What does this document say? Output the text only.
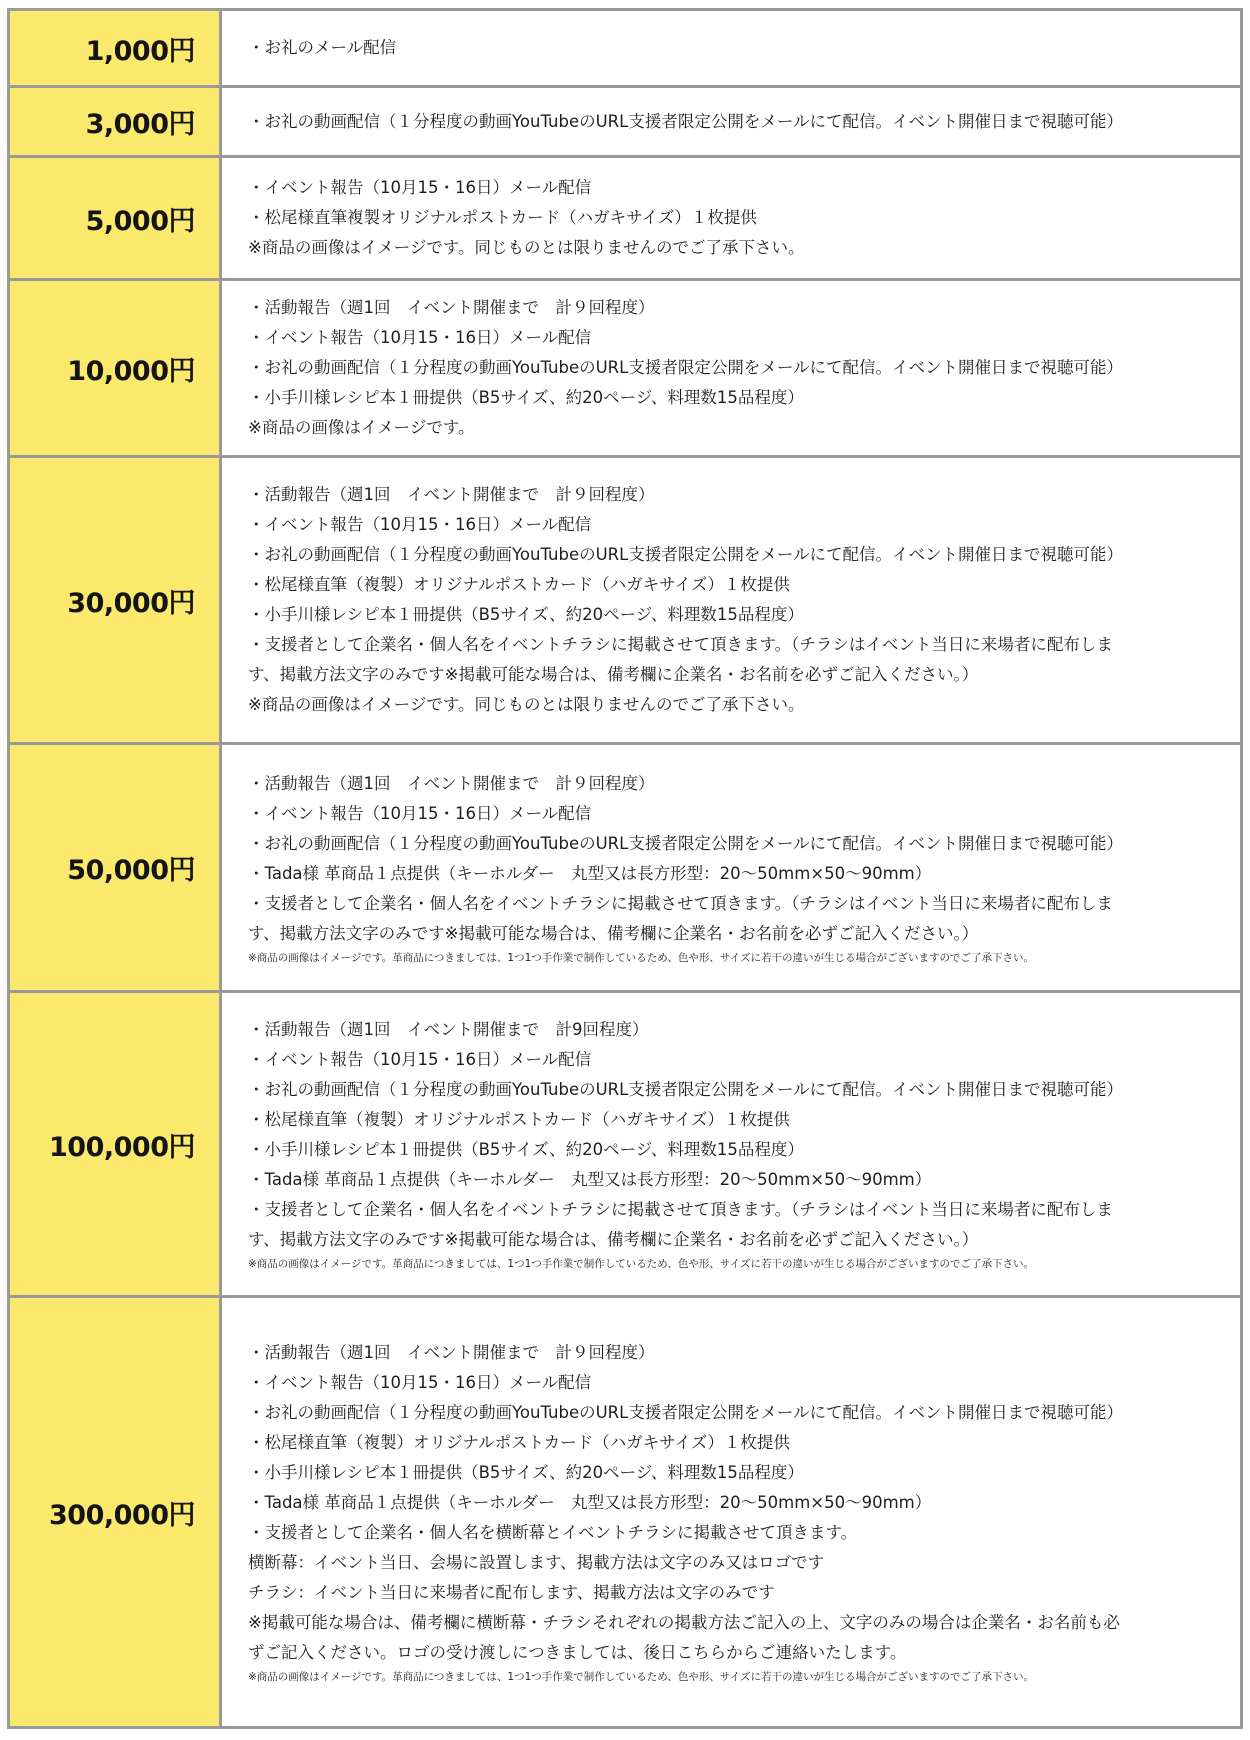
1,000円	・お礼のメール配信
3,000円	・お礼の動画配信（１分程度の動画YouTubeのURL支援者限定公開をメールにて配信。イベント開催日まで視聴可能）
5,000円
・イベント報告（10月15・16日）メール配信
・松尾様直筆複製オリジナルポストカード（ハガキサイズ）１枚提供
※商品の画像はイメージです。同じものとは限りませんのでご了承下さい。
10,000円
・活動報告（週1回　イベント開催まで　計９回程度）
・イベント報告（10月15・16日）メール配信
・お礼の動画配信（１分程度の動画YouTubeのURL支援者限定公開をメールにて配信。イベント開催日まで視聴可能）
・小手川様レシピ本１冊提供（B5サイズ、約20ページ、料理数15品程度）
※商品の画像はイメージです。
30,000円
・活動報告（週1回　イベント開催まで　計９回程度）
・イベント報告（10月15・16日）メール配信
・お礼の動画配信（１分程度の動画YouTubeのURL支援者限定公開をメールにて配信。イベント開催日まで視聴可能）
・松尾様直筆（複製）オリジナルポストカード（ハガキサイズ）１枚提供
・小手川様レシピ本１冊提供（B5サイズ、約20ページ、料理数15品程度）
・支援者として企業名・個人名をイベントチラシに掲載させて頂きます。（チラシはイベント当日に来場者に配布しま
す、掲載方法文字のみです※掲載可能な場合は、備考欄に企業名・お名前を必ずご記入ください。）
※商品の画像はイメージです。同じものとは限りませんのでご了承下さい。
50,000円
・活動報告（週1回　イベント開催まで　計９回程度）
・イベント報告（10月15・16日）メール配信
・お礼の動画配信（１分程度の動画YouTubeのURL支援者限定公開をメールにて配信。イベント開催日まで視聴可能）
・Tada様 革商品１点提供（キーホルダー　丸型又は長方形型：20〜50mm×50〜90mm）
・支援者として企業名・個人名をイベントチラシに掲載させて頂きます。（チラシはイベント当日に来場者に配布しま
す、掲載方法文字のみです※掲載可能な場合は、備考欄に企業名・お名前を必ずご記入ください。）
※商品の画像はイメージです。革商品につきましては、1つ1つ手作業で制作しているため、色や形、サイズに若干の違いが生じる場合がございますのでご了承下さい。
100,000円
・活動報告（週1回　イベント開催まで　計9回程度）
・イベント報告（10月15・16日）メール配信
・お礼の動画配信（１分程度の動画YouTubeのURL支援者限定公開をメールにて配信。イベント開催日まで視聴可能）
・松尾様直筆（複製）オリジナルポストカード（ハガキサイズ）１枚提供
・小手川様レシピ本１冊提供（B5サイズ、約20ページ、料理数15品程度）
・Tada様 革商品１点提供（キーホルダー　丸型又は長方形型：20〜50mm×50〜90mm）
・支援者として企業名・個人名をイベントチラシに掲載させて頂きます。（チラシはイベント当日に来場者に配布しま
す、掲載方法文字のみです※掲載可能な場合は、備考欄に企業名・お名前を必ずご記入ください。）
※商品の画像はイメージです。革商品につきましては、1つ1つ手作業で制作しているため、色や形、サイズに若干の違いが生じる場合がございますのでご了承下さい。
300,000円
・活動報告（週1回　イベント開催まで　計９回程度）
・イベント報告（10月15・16日）メール配信
・お礼の動画配信（１分程度の動画YouTubeのURL支援者限定公開をメールにて配信。イベント開催日まで視聴可能）
・松尾様直筆（複製）オリジナルポストカード（ハガキサイズ）１枚提供
・小手川様レシピ本１冊提供（B5サイズ、約20ページ、料理数15品程度）
・Tada様 革商品１点提供（キーホルダー　丸型又は長方形型：20〜50mm×50〜90mm）
・支援者として企業名・個人名を横断幕とイベントチラシに掲載させて頂きます。
横断幕：イベント当日、会場に設置します、掲載方法は文字のみ又はロゴです
チラシ：イベント当日に来場者に配布します、掲載方法は文字のみです
※掲載可能な場合は、備考欄に横断幕・チラシそれぞれの掲載方法ご記入の上、文字のみの場合は企業名・お名前も必
ずご記入ください。ロゴの受け渡しにつきましては、後日こちらからご連絡いたします。
※商品の画像はイメージです。革商品につきましては、1つ1つ手作業で制作しているため、色や形、サイズに若干の違いが生じる場合がございますのでご了承下さい。
